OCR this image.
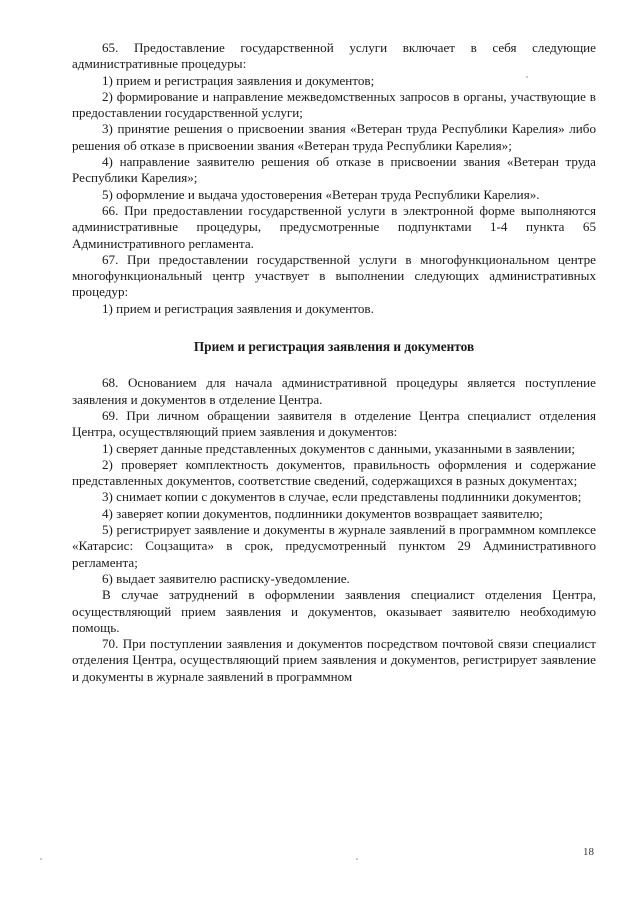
65. Предоставление государственной услуги включает в себя следующие административные процедуры:

1) прием и регистрация заявления и документов;

2) формирование и направление межведомственных запросов в органы, участвующие в предоставлении государственной услуги;

3) принятие решения о присвоении звания «Ветеран труда Республики Карелия» либо решения об отказе в присвоении звания «Ветеран труда Республики Карелия»;

4) направление заявителю решения об отказе в присвоении звания «Ветеран труда Республики Карелия»;

5) оформление и выдача удостоверения «Ветеран труда Республики Карелия».

66. При предоставлении государственной услуги в электронной форме выполняются административные процедуры, предусмотренные подпунктами 1-4 пункта 65 Административного регламента.

67. При предоставлении государственной услуги в многофункциональном центре многофункциональный центр участвует в выполнении следующих административных процедур:

1) прием и регистрация заявления и документов.

Прием и регистрация заявления и документов

68. Основанием для начала административной процедуры является поступление заявления и документов в отделение Центра.

69. При личном обращении заявителя в отделение Центра специалист отделения Центра, осуществляющий прием заявления и документов:

1) сверяет данные представленных документов с данными, указанными в заявлении;

2) проверяет комплектность документов, правильность оформления и содержание представленных документов, соответствие сведений, содержащихся в разных документах;

3) снимает копии с документов в случае, если представлены подлинники документов;

4) заверяет копии документов, подлинники документов возвращает заявителю;

5) регистрирует заявление и документы в журнале заявлений в программном комплексе «Катарсис: Соцзащита» в срок, предусмотренный пунктом 29 Административного регламента;

6) выдает заявителю расписку-уведомление.

В случае затруднений в оформлении заявления специалист отделения Центра, осуществляющий прием заявления и документов, оказывает заявителю необходимую помощь.

70. При поступлении заявления и документов посредством почтовой связи специалист отделения Центра, осуществляющий прием заявления и документов, регистрирует заявление и документы в журнале заявлений в программном

18
